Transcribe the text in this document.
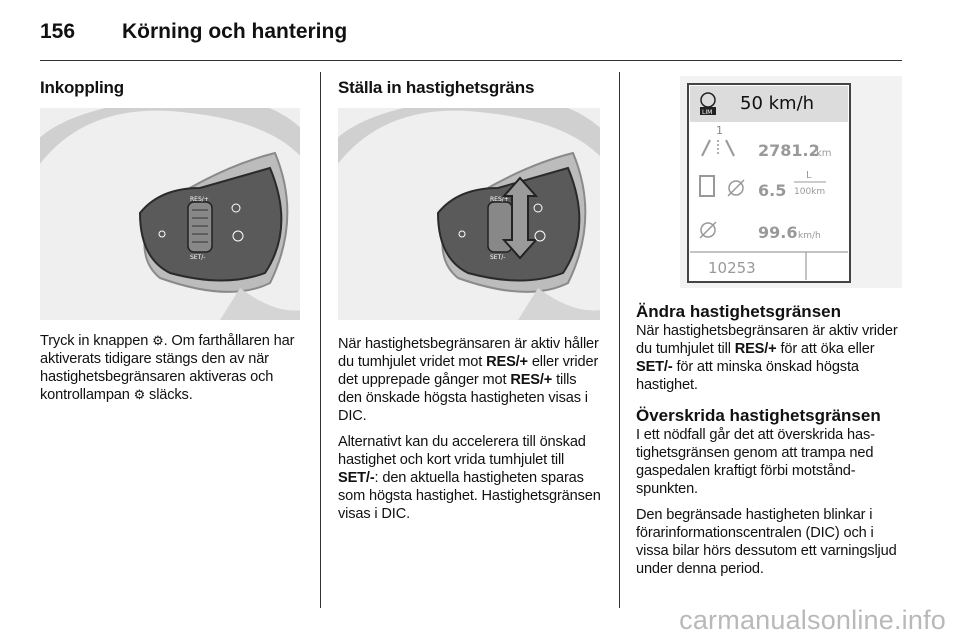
156	Körning och hantering
Inkoppling
RES/+
SET/-

Tryck in knappen ⚙. Om farthållaren har aktiverats tidigare stängs den av när hastighetsbegränsaren aktiveras och kontrollampan ⚙ släcks.

Ställa in hastighetsgräns
RES/+
SET/-

När hastighetsbegränsaren är aktiv håller du tumhjulet vridet mot RES/+ eller vrider det upprepade gånger mot RES/+ tills den önskade högsta hastigheten visas i DIC.

Alternativt kan du accelerera till önskad hastighet och kort vrida tumhjulet till SET/-: den aktuella hastigheten sparas som högsta hastighet. Hastighetsgränsen visas i DIC.

LIM 50 km/h
1
2781.2
km
6.5
L
100km
99.6 km/h
10253
Ändra hastighetsgränsen

När hastighetsbegränsaren är aktiv vrider du tumhjulet till RES/+ för att öka eller SET/- för att minska önskad högsta hastighet.

Överskrida hastighetsgränsen

I ett nödfall går det att överskrida hastighetsgränsen genom att trampa ned gaspedalen kraftigt förbi motståndspunkten.

Den begränsade hastigheten blinkar i förarinformationscentralen (DIC) och i vissa bilar hörs dessutom ett varningsljud under denna period.

carmanualsonline.info
